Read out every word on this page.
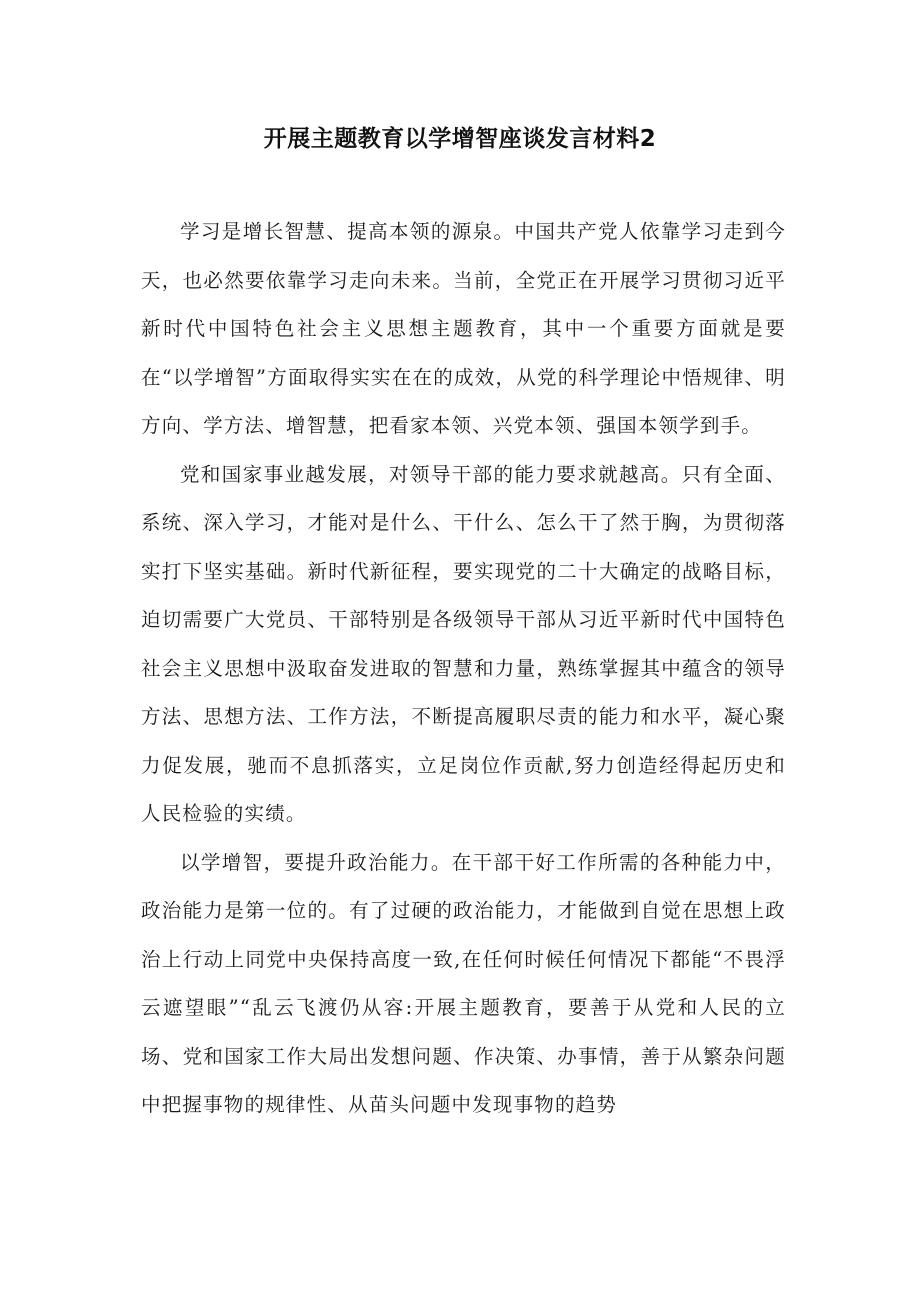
开展主题教育以学增智座谈发言材料2

学习是增长智慧、提高本领的源泉。中国共产党人依靠学习走到今天，也必然要依靠学习走向未来。当前，全党正在开展学习贯彻习近平新时代中国特色社会主义思想主题教育，其中一个重要方面就是要在“以学增智”方面取得实实在在的成效，从党的科学理论中悟规律、明方向、学方法、增智慧，把看家本领、兴党本领、强国本领学到手。

党和国家事业越发展，对领导干部的能力要求就越高。只有全面、系统、深入学习，才能对是什么、干什么、怎么干了然于胸，为贯彻落实打下坚实基础。新时代新征程，要实现党的二十大确定的战略目标，迫切需要广大党员、干部特别是各级领导干部从习近平新时代中国特色社会主义思想中汲取奋发进取的智慧和力量，熟练掌握其中蕴含的领导方法、思想方法、工作方法，不断提高履职尽责的能力和水平，凝心聚力促发展，驰而不息抓落实，立足岗位作贡献,努力创造经得起历史和人民检验的实绩。

以学增智，要提升政治能力。在干部干好工作所需的各种能力中，政治能力是第一位的。有了过硬的政治能力，才能做到自觉在思想上政治上行动上同党中央保持高度一致,在任何时候任何情况下都能“不畏浮云遮望眼”“乱云飞渡仍从容:开展主题教育，要善于从党和人民的立场、党和国家工作大局出发想问题、作决策、办事情，善于从繁杂问题中把握事物的规律性、从苗头问题中发现事物的趋势
